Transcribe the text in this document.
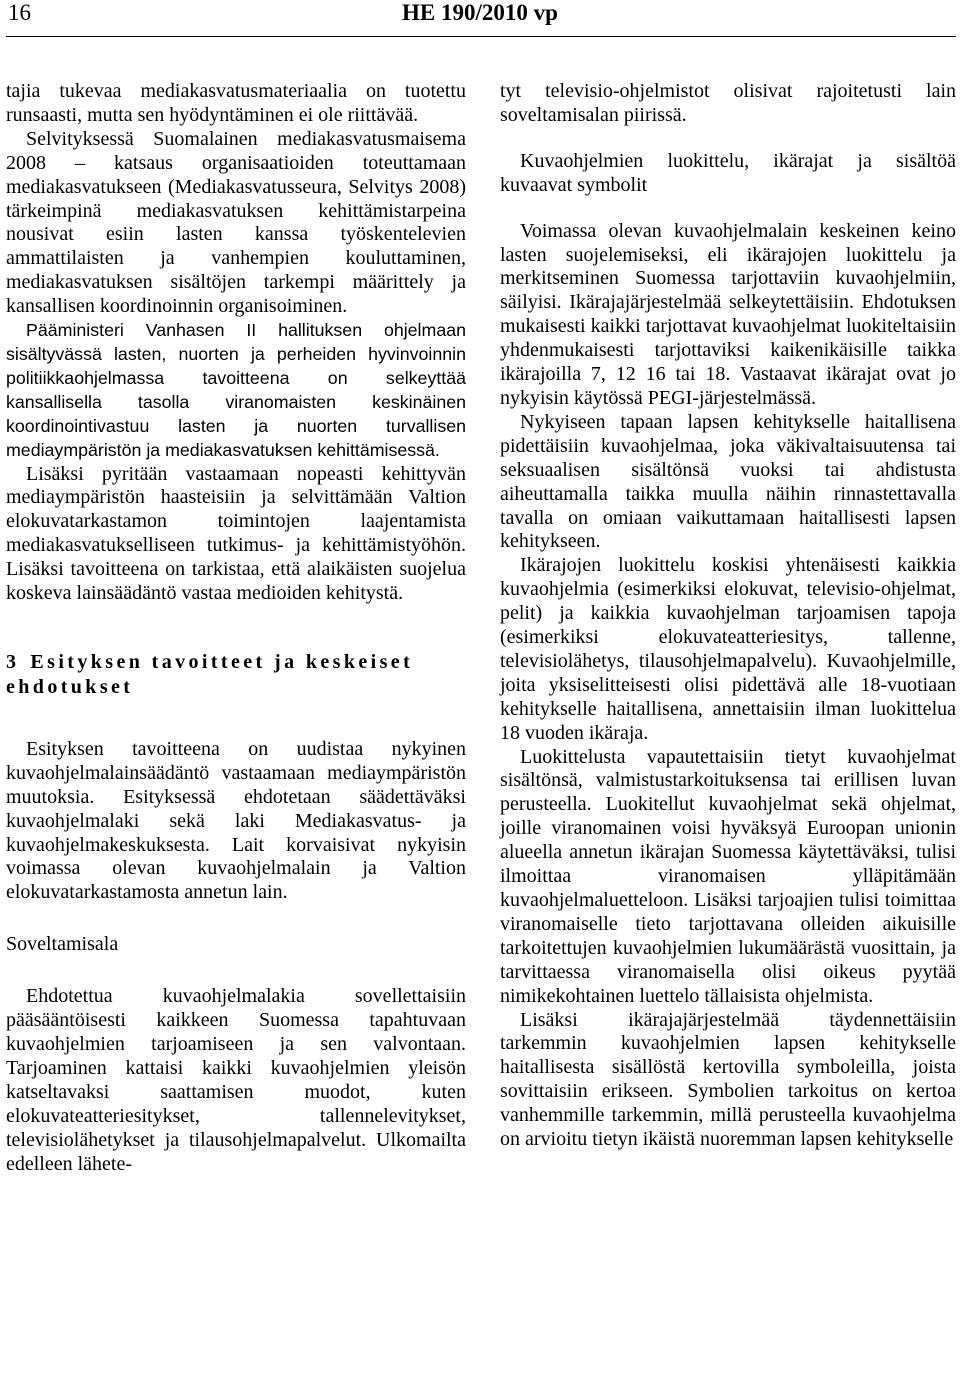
16	HE 190/2010 vp

tajia tukevaa mediakasvatusmateriaalia on tuotettu runsaasti, mutta sen hyödyntäminen ei ole riittävää.

Selvityksessä Suomalainen mediakasvatusmaisema 2008 – katsaus organisaatioiden toteuttamaan mediakasvatukseen (Mediakasvatusseura, Selvitys 2008) tärkeimpinä mediakasvatuksen kehittämistarpeina nousivat esiin lasten kanssa työskentelevien ammattilaisten ja vanhempien kouluttaminen, mediakasvatuksen sisältöjen tarkempi määrittely ja kansallisen koordinoinnin organisoiminen.

Pääministeri Vanhasen II hallituksen ohjelmaan sisältyvässä lasten, nuorten ja perheiden hyvinvoinnin politiikkaohjelmassa tavoitteena on selkeyttää kansallisella tasolla viranomaisten keskinäinen koordinointivastuu lasten ja nuorten turvallisen mediaympäristön ja mediakasvatuksen kehittämisessä.

Lisäksi pyritään vastaamaan nopeasti kehittyvän mediaympäristön haasteisiin ja selvittämään Valtion elokuvatarkastamon toimintojen laajentamista mediakasvatukselliseen tutkimus- ja kehittämistyöhön. Lisäksi tavoitteena on tarkistaa, että alaikäisten suojelua koskeva lainsäädäntö vastaa medioiden kehitystä.

3 Esityksen tavoitteet ja keskeiset ehdotukset

Esityksen tavoitteena on uudistaa nykyinen kuvaohjelmalainsäädäntö vastaamaan mediaympäristön muutoksia. Esityksessä ehdotetaan säädettäväksi kuvaohjelmalaki sekä laki Mediakasvatus- ja kuvaohjelmakeskuksesta. Lait korvaisivat nykyisin voimassa olevan kuvaohjelmalain ja Valtion elokuvatarkastamosta annetun lain.

Soveltamisala

Ehdotettua kuvaohjelmalakia sovellettaisiin pääsääntöisesti kaikkeen Suomessa tapahtuvaan kuvaohjelmien tarjoamiseen ja sen valvontaan. Tarjoaminen kattaisi kaikki kuvaohjelmien yleisön katseltavaksi saattamisen muodot, kuten elokuvateatteriesitykset, tallennelevitykset, televisiolähetykset ja tilausohjelmapalvelut. Ulkomailta edelleen lähete-

tyt televisio-ohjelmistot olisivat rajoitetusti lain soveltamisalan piirissä.

Kuvaohjelmien luokittelu, ikärajat ja sisältöä kuvaavat symbolit

Voimassa olevan kuvaohjelmalain keskeinen keino lasten suojelemiseksi, eli ikärajojen luokittelu ja merkitseminen Suomessa tarjottaviin kuvaohjelmiin, säilyisi. Ikärajajärjestelmää selkeytettäisiin. Ehdotuksen mukaisesti kaikki tarjottavat kuvaohjelmat luokiteltaisiin yhdenmukaisesti tarjottaviksi kaikenikäisille taikka ikärajoilla 7, 12 16 tai 18. Vastaavat ikärajat ovat jo nykyisin käytössä PEGI-järjestelmässä.

Nykyiseen tapaan lapsen kehitykselle haitallisena pidettäisiin kuvaohjelmaa, joka väkivaltaisuutensa tai seksuaalisen sisältönsä vuoksi tai ahdistusta aiheuttamalla taikka muulla näihin rinnastettavalla tavalla on omiaan vaikuttamaan haitallisesti lapsen kehitykseen.

Ikärajojen luokittelu koskisi yhtenäisesti kaikkia kuvaohjelmia (esimerkiksi elokuvat, televisio-ohjelmat, pelit) ja kaikkia kuvaohjelman tarjoamisen tapoja (esimerkiksi elokuvateatteriesitys, tallenne, televisiolähetys, tilausohjelmapalvelu). Kuvaohjelmille, joita yksiselitteisesti olisi pidettävä alle 18-vuotiaan kehitykselle haitallisena, annettaisiin ilman luokittelua 18 vuoden ikäraja.

Luokittelusta vapautettaisiin tietyt kuvaohjelmat sisältönsä, valmistustarkoituksensa tai erillisen luvan perusteella. Luokitellut kuvaohjelmat sekä ohjelmat, joille viranomainen voisi hyväksyä Euroopan unionin alueella annetun ikärajan Suomessa käytettäväksi, tulisi ilmoittaa viranomaisen ylläpitämään kuvaohjelmaluetteloon. Lisäksi tarjoajien tulisi toimittaa viranomaiselle tieto tarjottavana olleiden aikuisille tarkoitettujen kuvaohjelmien lukumäärästä vuosittain, ja tarvittaessa viranomaisella olisi oikeus pyytää nimikekohtainen luettelo tällaisista ohjelmista.

Lisäksi ikärajajärjestelmää täydennettäisiin tarkemmin kuvaohjelmien lapsen kehitykselle haitallisesta sisällöstä kertovilla symboleilla, joista sovittaisiin erikseen. Symbolien tarkoitus on kertoa vanhemmille tarkemmin, millä perusteella kuvaohjelma on arvioitu tietyn ikäistä nuoremman lapsen kehitykselle
